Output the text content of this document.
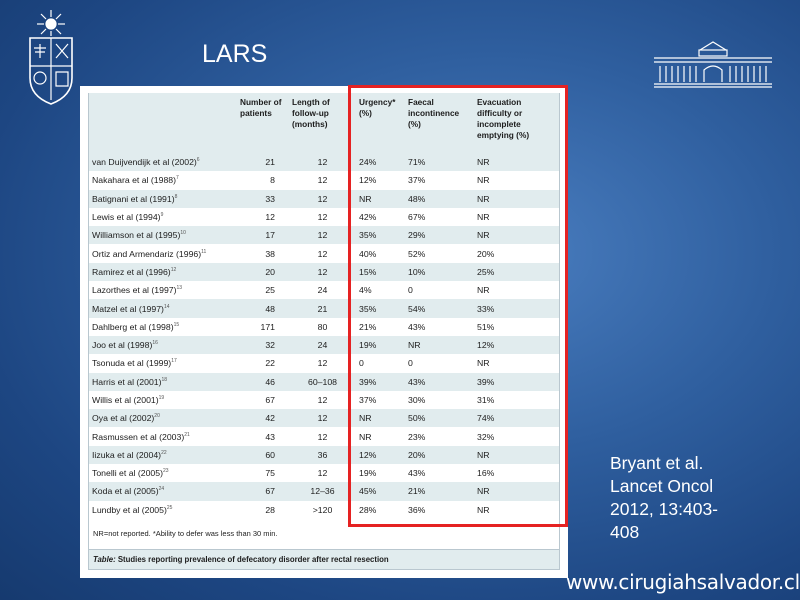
LARS
	Number of patients	Length of follow-up (months)	Urgency* (%)	Faecal incontinence (%)	Evacuation difficulty or incomplete emptying (%)
van Duijvendijk et al $(2002)^6$	21	12	24%	71%	NR
Nakahara et al $(1988)^7$	8	12	12%	37%	NR
Batignani et al $(1991)^8$	33	12	NR	48%	NR
Lewis et al $(1994)^9$	12	12	42%	67%	NR
Williamson et al $(1995)^{10}$	17	12	35%	29%	NR
Ortiz and Armendariz $(1996)^{11}$	38	12	40%	52%	20%
Ramirez et al $(1996)^{12}$	20	12	15%	10%	25%
Lazorthes et al $(1997)^{13}$	25	24	4%	0	NR
Matzel et al $(1997)^{14}$	48	21	35%	54%	33%
Dahlberg et al $(1998)^{15}$	171	80	21%	43%	51%
Joo et al $(1998)^{16}$	32	24	19%	NR	12%
Tsonuda et al $(1999)^{17}$	22	12	0	0	NR
Harris et al $(2001)^{18}$	46	60–108	39%	43%	39%
Willis et al $(2001)^{19}$	67	12	37%	30%	31%
Oya et al $(2002)^{20}$	42	12	NR	50%	74%
Rasmussen et al $(2003)^{21}$	43	12	NR	23%	32%
Iizuka et al $(2004)^{22}$	60	36	12%	20%	NR
Tonelli et al $(2005)^{23}$	75	12	19%	43%	16%
Koda et al $(2005)^{24}$	67	12–36	45%	21%	NR
Lundby et al $(2005)^{25}$	28	>120	28%	36%	NR
NR=not reported. *Ability to defer was less than 30 min.
Table: Studies reporting prevalence of defecatory disorder after rectal resection
Bryant et al.
Lancet Oncol
2012, 13:403-
408
www.cirugiahsalvador.cl
